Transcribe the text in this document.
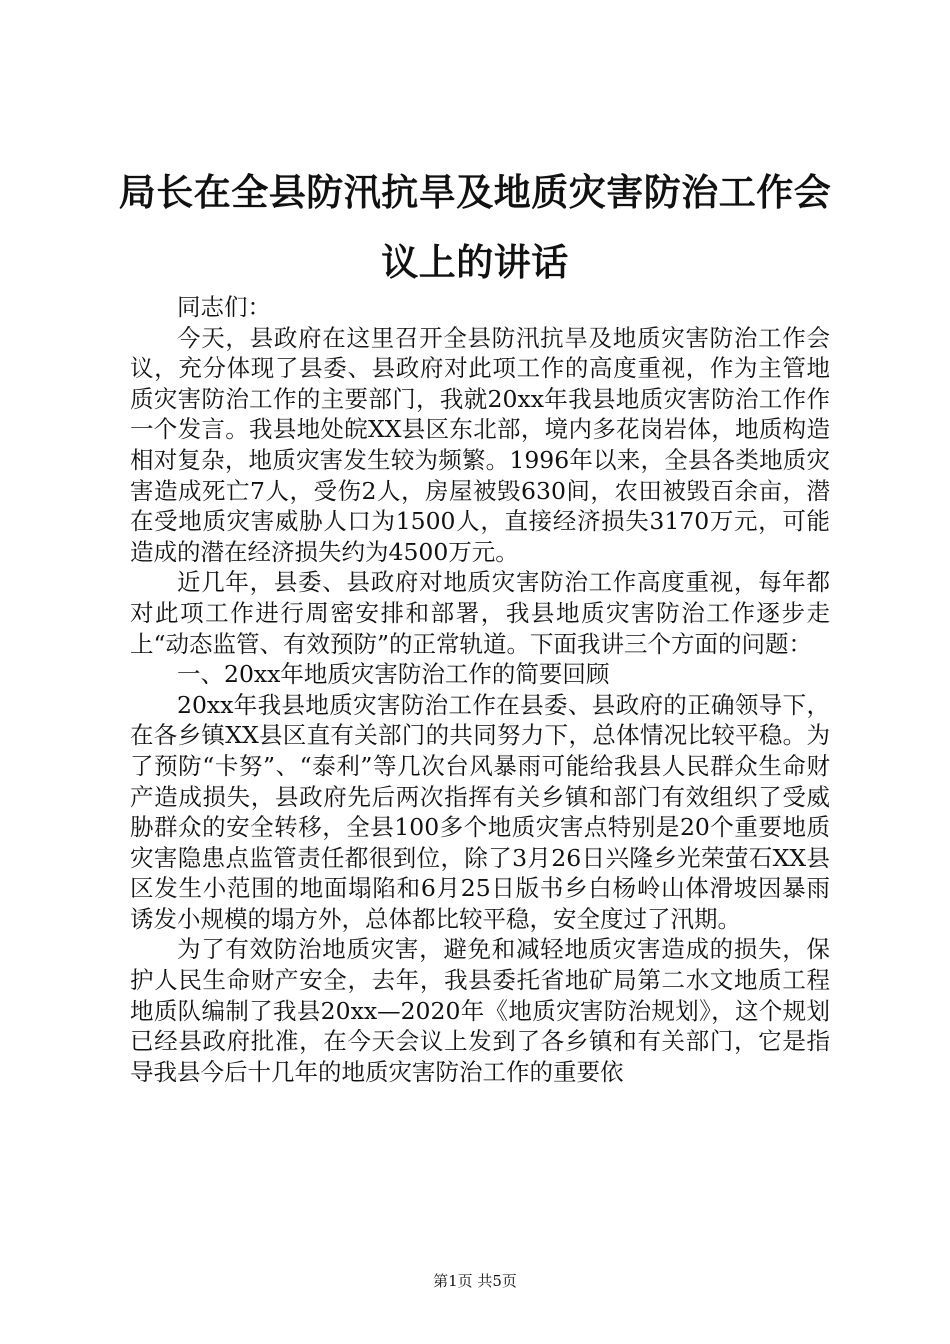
局长在全县防汛抗旱及地质灾害防治工作会议上的讲话

同志们：

今天，县政府在这里召开全县防汛抗旱及地质灾害防治工作会议，充分体现了县委、县政府对此项工作的高度重视，作为主管地质灾害防治工作的主要部门，我就20xx年我县地质灾害防治工作作一个发言。我县地处皖XX县区东北部，境内多花岗岩体，地质构造相对复杂，地质灾害发生较为频繁。1996年以来，全县各类地质灾害造成死亡7人，受伤2人，房屋被毁630间，农田被毁百余亩，潜在受地质灾害威胁人口为1500人，直接经济损失3170万元，可能造成的潜在经济损失约为4500万元。

近几年，县委、县政府对地质灾害防治工作高度重视，每年都对此项工作进行周密安排和部署，我县地质灾害防治工作逐步走上“动态监管、有效预防”的正常轨道。下面我讲三个方面的问题：

一、20xx年地质灾害防治工作的简要回顾

20xx年我县地质灾害防治工作在县委、县政府的正确领导下，在各乡镇XX县区直有关部门的共同努力下，总体情况比较平稳。为了预防“卡努”、“泰利”等几次台风暴雨可能给我县人民群众生命财产造成损失，县政府先后两次指挥有关乡镇和部门有效组织了受威胁群众的安全转移，全县100多个地质灾害点特别是20个重要地质灾害隐患点监管责任都很到位，除了3月26日兴隆乡光荣萤石XX县区发生小范围的地面塌陷和6月25日版书乡白杨岭山体滑坡因暴雨诱发小规模的塌方外，总体都比较平稳，安全度过了汛期。

为了有效防治地质灾害，避免和减轻地质灾害造成的损失，保护人民生命财产安全，去年，我县委托省地矿局第二水文地质工程地质队编制了我县20xx—2020年《地质灾害防治规划》，这个规划已经县政府批准，在今天会议上发到了各乡镇和有关部门，它是指导我县今后十几年的地质灾害防治工作的重要依

第1页 共5页
